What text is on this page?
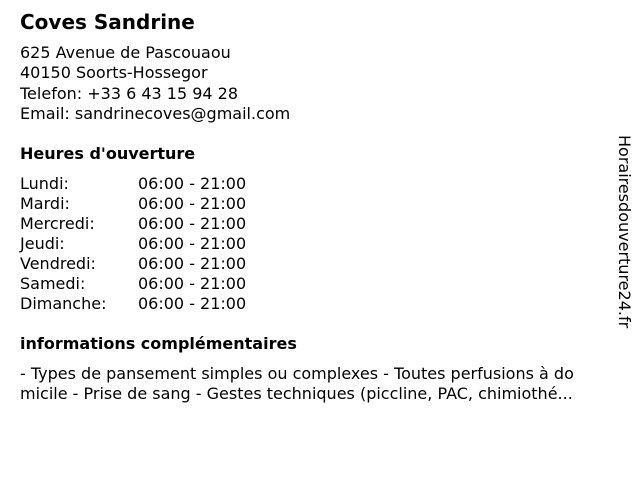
Coves Sandrine
625 Avenue de Pascouaou
40150 Soorts-Hossegor
Telefon: +33 6 43 15 94 28
Email: sandrinecoves@gmail.com
Heures d'ouverture
Lundi:	06:00 - 21:00
Mardi:	06:00 - 21:00
Mercredi:	06:00 - 21:00
Jeudi:	06:00 - 21:00
Vendredi:	06:00 - 21:00
Samedi:	06:00 - 21:00
Dimanche: 06:00 - 21:00
informations complémentaires
- Types de pansement simples ou complexes - Toutes perfusions à do
micile - Prise de sang - Gestes techniques (piccline, PAC, chimiothé...
Horairesdouverture24.fr
